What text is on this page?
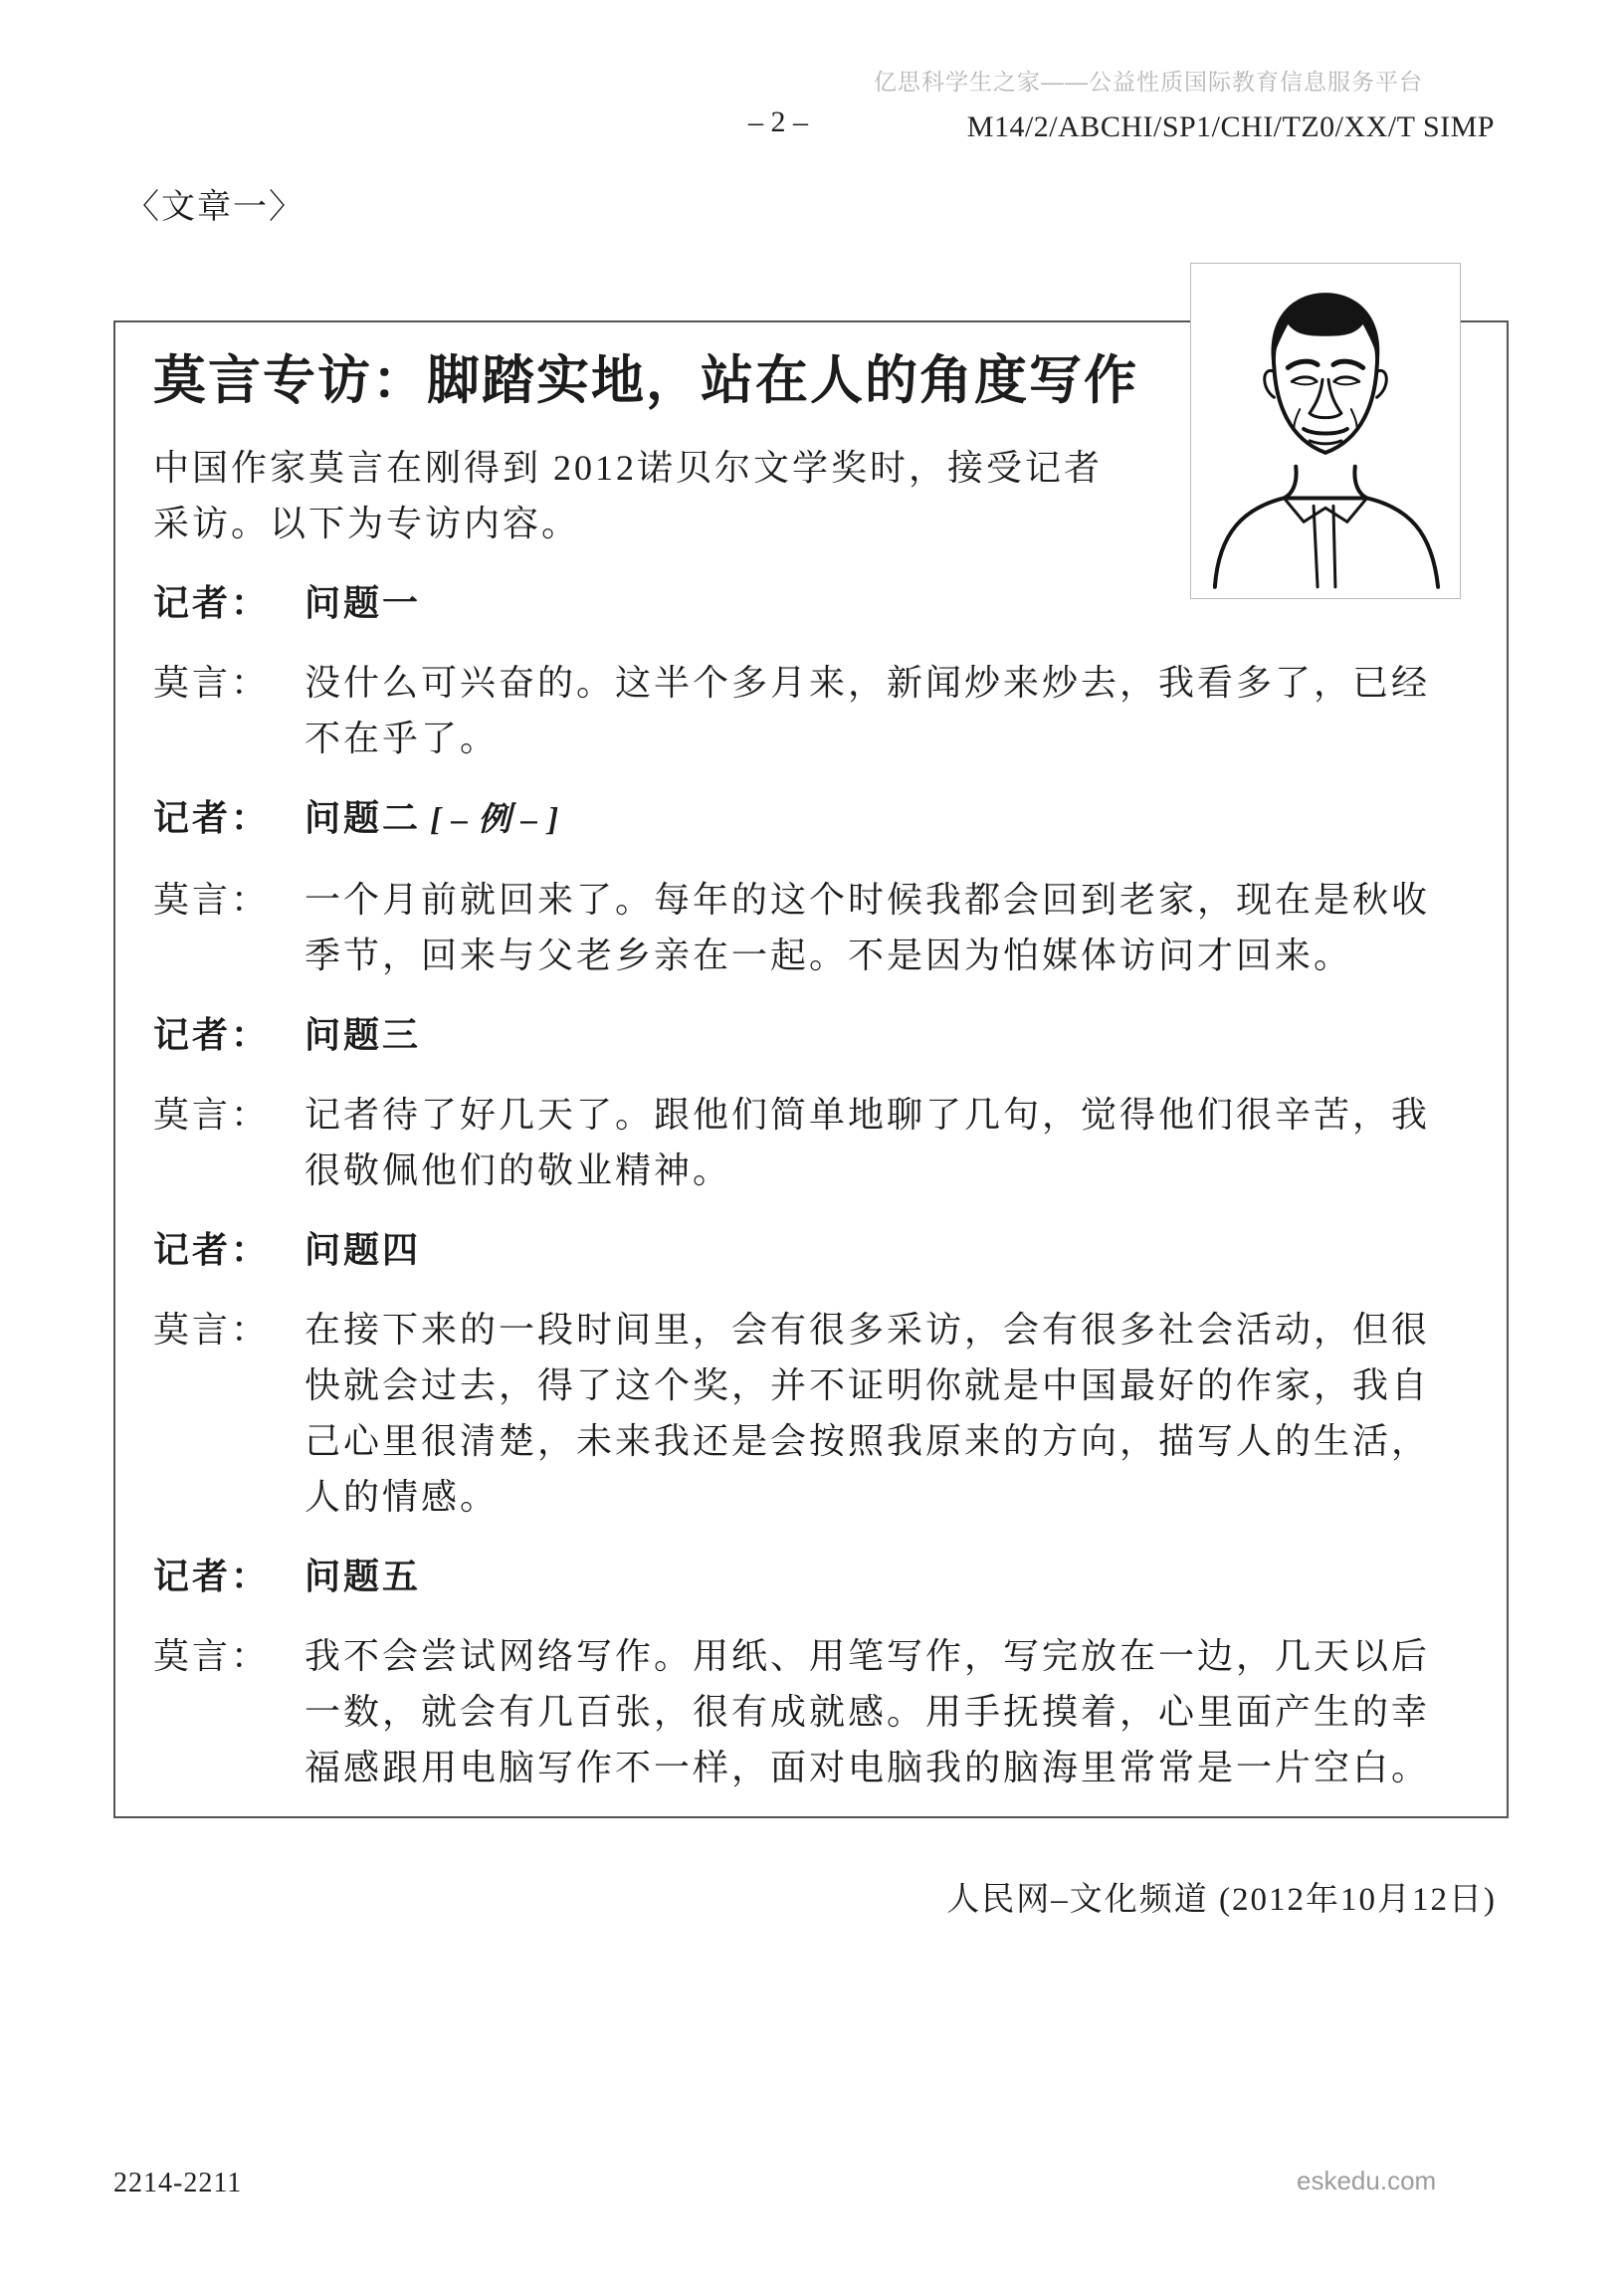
亿思科学生之家——公益性质国际教育信息服务平台
M14/2/ABCHI/SP1/CHI/TZ0/XX/T SIMP
– 2 –
〈文章一〉
莫言专访：脚踏实地，站在人的角度写作

中国作家莫言在刚得到 2012诺贝尔文学奖时，接受记者采访。以下为专访内容。

记者： 问题一
莫言： 没什么可兴奋的。这半个多月来，新闻炒来炒去，我看多了，已经不在乎了。
记者： 问题二 [ – 例 – ]
莫言： 一个月前就回来了。每年的这个时候我都会回到老家，现在是秋收季节，回来与父老乡亲在一起。不是因为怕媒体访问才回来。
记者： 问题三
莫言： 记者待了好几天了。跟他们简单地聊了几句，觉得他们很辛苦，我很敬佩他们的敬业精神。
记者： 问题四
莫言： 在接下来的一段时间里，会有很多采访，会有很多社会活动，但很快就会过去，得了这个奖，并不证明你就是中国最好的作家，我自己心里很清楚，未来我还是会按照我原来的方向，描写人的生活，人的情感。
记者： 问题五
莫言： 我不会尝试网络写作。用纸、用笔写作，写完放在一边，几天以后一数，就会有几百张，很有成就感。用手抚摸着，心里面产生的幸福感跟用电脑写作不一样，面对电脑我的脑海里常常是一片空白。
人民网–文化频道 (2012年10月12日)
2214-2211	eskedu.com
